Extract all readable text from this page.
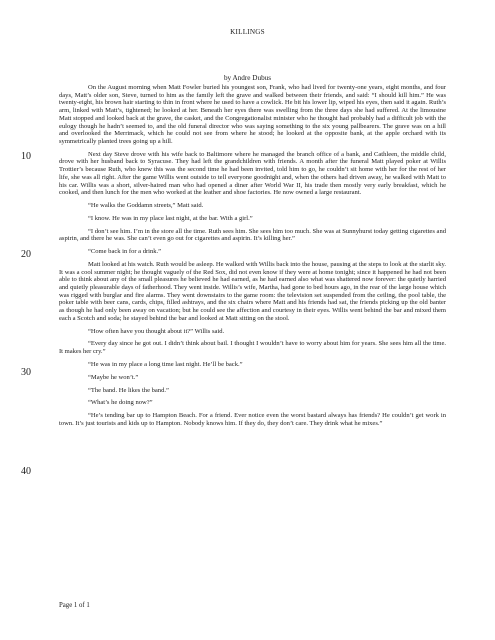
KILLINGS
by Andre Dubus

On the August morning when Matt Fowler buried his youngest son, Frank, who had lived for twenty-one years, eight months, and four days, Matt’s older son, Steve, turned to him as the family left the grave and walked between their friends, and said: “I should kill him.” He was twenty-eight, his brown hair starting to thin in front where he used to have a cowlick. He bit his lower lip, wiped his eyes, then said it again. Ruth’s arm, linked with Matt’s, tightened; he looked at her. Beneath her eyes there was swelling from the three days she had suffered. At the limousine Matt stopped and looked back at the grave, the casket, and the Congregationalist minister who he thought had probably had a difficult job with the eulogy though he hadn’t seemed to, and the old funeral director who was saying something to the six young pallbearers. The grave was on a hill and overlooked the Merrimack, which he could not see from where he stood; he looked at the opposite bank, at the apple orchard with its symmetrically planted trees going up a hill.

Next day Steve drove with his wife back to Baltimore where he managed the branch office of a bank, and Cathleen, the middle child, drove with her husband back to Syracuse. They had left the grandchildren with friends. A month after the funeral Matt played poker at Willis Trottier’s because Ruth, who knew this was the second time he had been invited, told him to go, he couldn’t sit home with her for the rest of her life, she was all right. After the game Willis went outside to tell everyone goodnight and, when the others had driven away, he walked with Matt to his car. Willis was a short, silver-haired man who had opened a diner after World War II, his trade then mostly very early breakfast, which he cooked, and then lunch for the men who worked at the leather and shoe factories. He now owned a large restaurant.

“He walks the Goddamn streets,” Matt said.

“I know. He was in my place last night, at the bar. With a girl.”

“I don’t see him. I’m in the store all the time. Ruth sees him. She sees him too much. She was at Sunnyhurst today getting cigarettes and aspirin, and there he was. She can’t even go out for cigarettes and aspirin. It’s killing her.”

“Come back in for a drink.”

Matt looked at his watch. Ruth would be asleep. He walked with Willis back into the house, pausing at the steps to look at the starlit sky. It was a cool summer night; he thought vaguely of the Red Sox, did not even know if they were at home tonight; since it happened he had not been able to think about any of the small pleasures he believed he had earned, as he had earned also what was shattered now forever: the quietly harried and quietly pleasurable days of fatherhood. They went inside. Willis’s wife, Martha, had gone to bed hours ago, in the rear of the large house which was rigged with burglar and fire alarms. They went downstairs to the game room: the television set suspended from the ceiling, the pool table, the poker table with beer cans, cards, chips, filled ashtrays, and the six chairs where Matt and his friends had sat, the friends picking up the old banter as though he had only been away on vacation; but he could see the affection and courtesy in their eyes. Willis went behind the bar and mixed them each a Scotch and soda; he stayed behind the bar and looked at Matt sitting on the stool.

“How often have you thought about it?” Willis said.

“Every day since he got out. I didn’t think about bail. I thought I wouldn’t have to worry about him for years. She sees him all the time. It makes her cry.”

“He was in my place a long time last night. He’ll be back.”

“Maybe he won’t.”

“The band. He likes the band.”

“What’s he doing now?”

“He’s tending bar up to Hampton Beach. For a friend. Ever notice even the worst bastard always has friends? He couldn’t get work in town. It’s just tourists and kids up to Hampton. Nobody knows him. If they do, they don’t care. They drink what he mixes.”

10
20
30
40
Page 1 of 1
